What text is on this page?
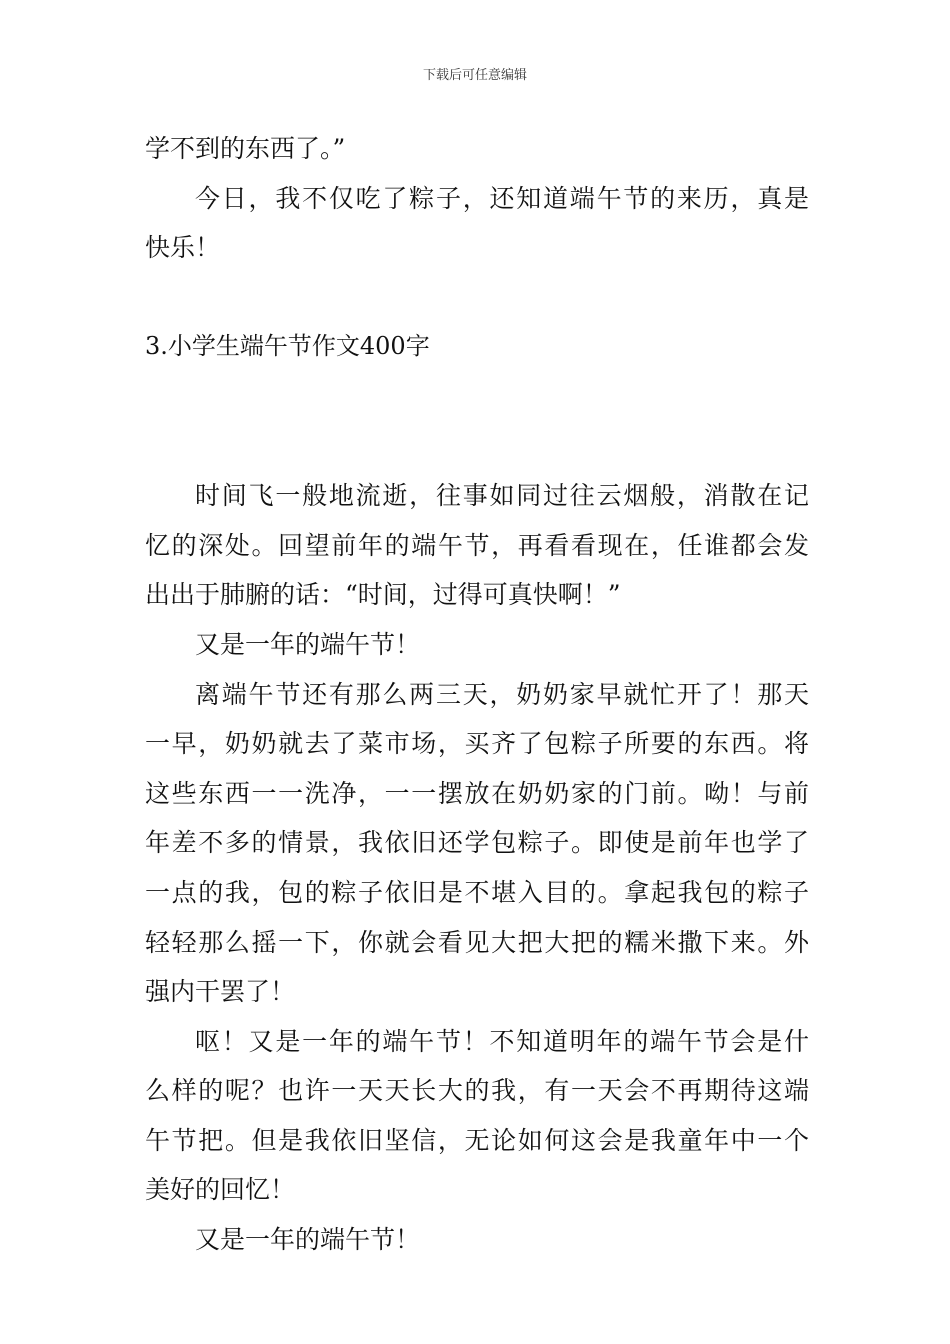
下载后可任意编辑
学不到的东西了。”
今日，我不仅吃了粽子，还知道端午节的来历，真是
快乐！
3.小学生端午节作文400字
时间飞一般地流逝，往事如同过往云烟般，消散在记
忆的深处。回望前年的端午节，再看看现在，任谁都会发
出出于肺腑的话：“时间，过得可真快啊！”
又是一年的端午节！
离端午节还有那么两三天，奶奶家早就忙开了！那天
一早，奶奶就去了菜市场，买齐了包粽子所要的东西。将
这些东西一一洗净，一一摆放在奶奶家的门前。呦！与前
年差不多的情景，我依旧还学包粽子。即使是前年也学了
一点的我，包的粽子依旧是不堪入目的。拿起我包的粽子
轻轻那么摇一下，你就会看见大把大把的糯米撒下来。外
强内干罢了！
呕！又是一年的端午节！不知道明年的端午节会是什
么样的呢？也许一天天长大的我，有一天会不再期待这端
午节把。但是我依旧坚信，无论如何这会是我童年中一个
美好的回忆！
又是一年的端午节！
